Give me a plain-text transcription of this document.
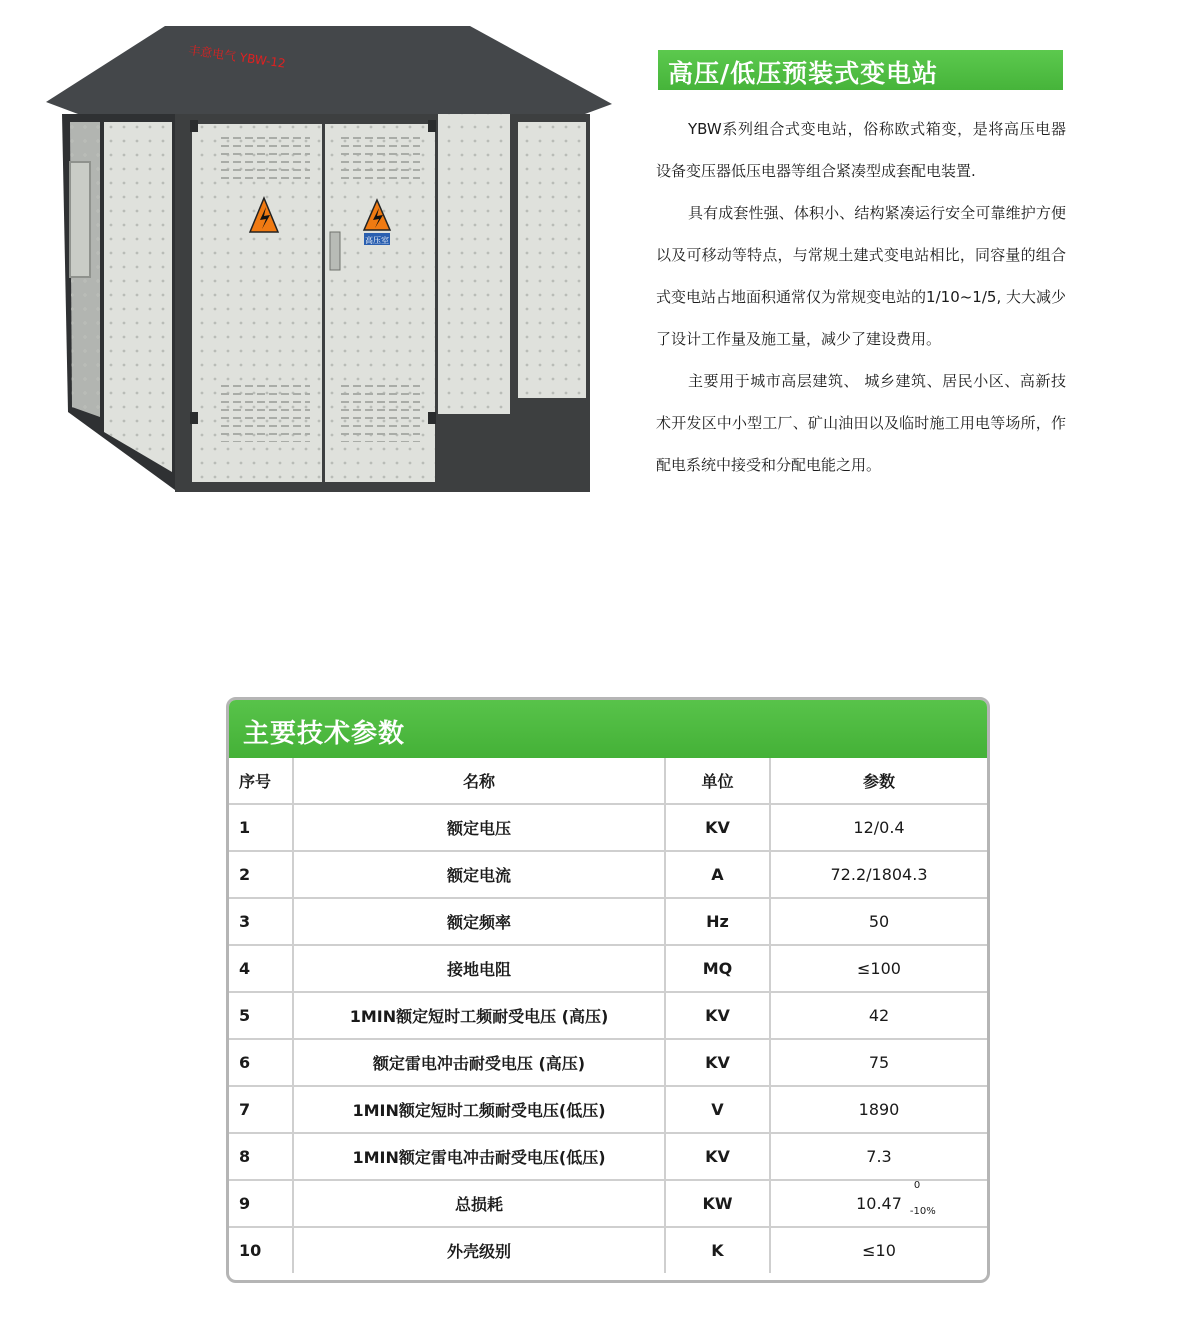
丰意电气 YBW-12
高压室
高压/低压预装式变电站

YBW系列组合式变电站，俗称欧式箱变，是将高压电器设备变压器低压电器等组合紧凑型成套配电装置.

具有成套性强、体积小、结构紧凑运行安全可靠维护方便以及可移动等特点，与常规土建式变电站相比，同容量的组合式变电站占地面积通常仅为常规变电站的1/10~1/5, 大大减少了设计工作量及施工量，减少了建设费用。

主要用于城市高层建筑、 城乡建筑、居民小区、高新技术开发区中小型工厂、矿山油田以及临时施工用电等场所，作配电系统中接受和分配电能之用。

主要技术参数
序号	名称	单位	参数
1	额定电压	KV	12/0.4
2	额定电流	A	72.2/1804.3
3	额定频率	Hz	50
4	接地电阻	MQ	≤100
5	1MIN额定短时工频耐受电压 (高压)	KV	42
6	额定雷电冲击耐受电压 (高压)	KV	75
7	1MIN额定短时工频耐受电压(低压)	V	1890
8	1MIN额定雷电冲击耐受电压(低压)	KV	7.3
9	总损耗	KW	10.47
0
-10%

10	外壳级别	K	≤10
